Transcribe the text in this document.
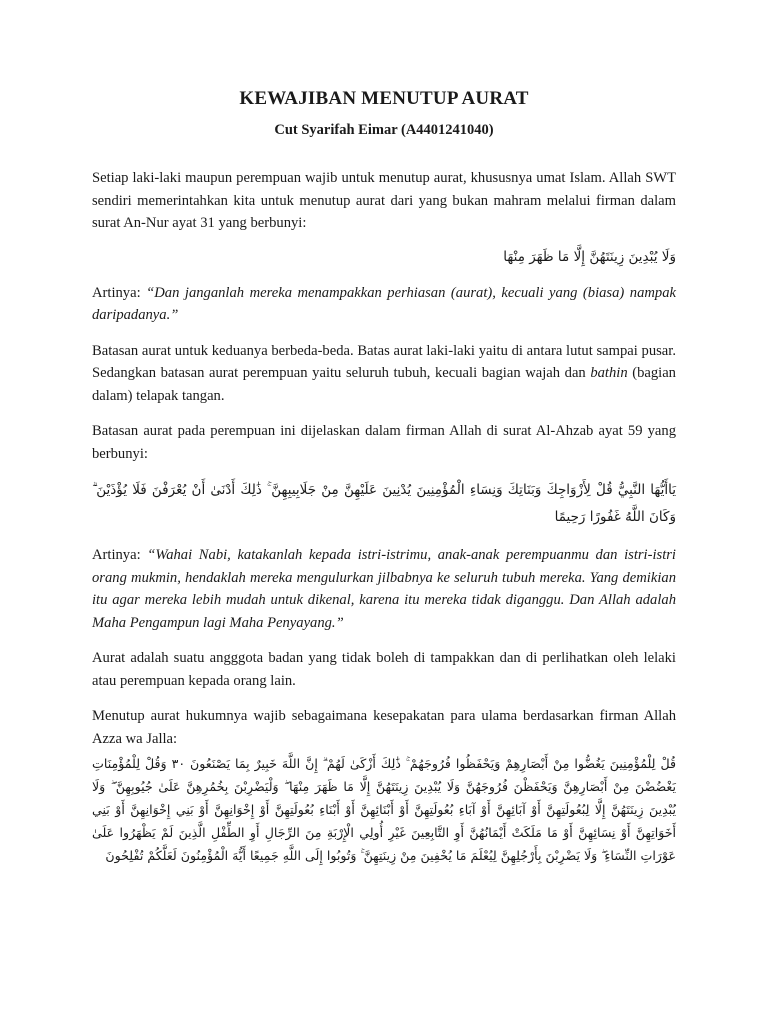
KEWAJIBAN MENUTUP AURAT

Cut Syarifah Eimar (A4401241040)

Setiap laki-laki maupun perempuan wajib untuk menutup aurat, khususnya umat Islam. Allah SWT sendiri memerintahkan kita untuk menutup aurat dari yang bukan mahram melalui firman dalam surat An-Nur ayat 31 yang berbunyi:

وَلَا يُبْدِينَ زِينَتَهُنَّ إِلَّا مَا ظَهَرَ مِنْهَا

Artinya: “Dan janganlah mereka menampakkan perhiasan (aurat), kecuali yang (biasa) nampak daripadanya.”

Batasan aurat untuk keduanya berbeda-beda. Batas aurat laki-laki yaitu di antara lutut sampai pusar. Sedangkan batasan aurat perempuan yaitu seluruh tubuh, kecuali bagian wajah dan bathin (bagian dalam) telapak tangan.

Batasan aurat pada perempuan ini dijelaskan dalam firman Allah di surat Al-Ahzab ayat 59 yang berbunyi:

يَاأَيُّهَا النَّبِيُّ قُلْ لِأَزْوَاجِكَ وَبَنَاتِكَ وَنِسَاءِ الْمُؤْمِنِينَ يُدْنِينَ عَلَيْهِنَّ مِنْ جَلَابِيبِهِنَّ ۚ ذَٰلِكَ أَدْنَىٰ أَنْ يُعْرَفْنَ فَلَا يُؤْذَيْنَ ۗ وَكَانَ اللَّهُ غَفُورًا رَحِيمًا

Artinya: “Wahai Nabi, katakanlah kepada istri-istrimu, anak-anak perempuanmu dan istri-istri orang mukmin, hendaklah mereka mengulurkan jilbabnya ke seluruh tubuh mereka. Yang demikian itu agar mereka lebih mudah untuk dikenal, karena itu mereka tidak diganggu. Dan Allah adalah Maha Pengampun lagi Maha Penyayang.”

Aurat adalah suatu angggota badan yang tidak boleh di tampakkan dan di perlihatkan oleh lelaki atau perempuan kepada orang lain.

Menutup aurat hukumnya wajib sebagaimana kesepakatan para ulama berdasarkan firman Allah Azza wa Jalla:

قُلْ لِلْمُؤْمِنِينَ يَغُضُّوا مِنْ أَبْصَارِهِمْ وَيَحْفَظُوا فُرُوجَهُمْ ۚ ذَٰلِكَ أَزْكَىٰ لَهُمْ ۗ إِنَّ اللَّهَ خَبِيرٌ بِمَا يَصْنَعُونَ ٣٠ وَقُلْ لِلْمُؤْمِنَاتِ يَغْضُضْنَ مِنْ أَبْصَارِهِنَّ وَيَحْفَظْنَ فُرُوجَهُنَّ وَلَا يُبْدِينَ زِينَتَهُنَّ إِلَّا مَا ظَهَرَ مِنْهَا ۖ وَلْيَضْرِبْنَ بِخُمُرِهِنَّ عَلَىٰ جُيُوبِهِنَّ ۖ وَلَا يُبْدِينَ زِينَتَهُنَّ إِلَّا لِبُعُولَتِهِنَّ أَوْ آبَائِهِنَّ أَوْ آبَاءِ بُعُولَتِهِنَّ أَوْ أَبْنَائِهِنَّ أَوْ أَبْنَاءِ بُعُولَتِهِنَّ أَوْ إِخْوَانِهِنَّ أَوْ بَنِي إِخْوَانِهِنَّ أَوْ بَنِي أَخَوَاتِهِنَّ أَوْ نِسَائِهِنَّ أَوْ مَا مَلَكَتْ أَيْمَانُهُنَّ أَوِ التَّابِعِينَ غَيْرِ أُولِي الْإِرْبَةِ مِنَ الرِّجَالِ أَوِ الطِّفْلِ الَّذِينَ لَمْ يَظْهَرُوا عَلَىٰ عَوْرَاتِ النِّسَاءِ ۖ وَلَا يَضْرِبْنَ بِأَرْجُلِهِنَّ لِيُعْلَمَ مَا يُخْفِينَ مِنْ زِينَتِهِنَّ ۚ وَتُوبُوا إِلَى اللَّهِ جَمِيعًا أَيُّهَ الْمُؤْمِنُونَ لَعَلَّكُمْ تُفْلِحُونَ
